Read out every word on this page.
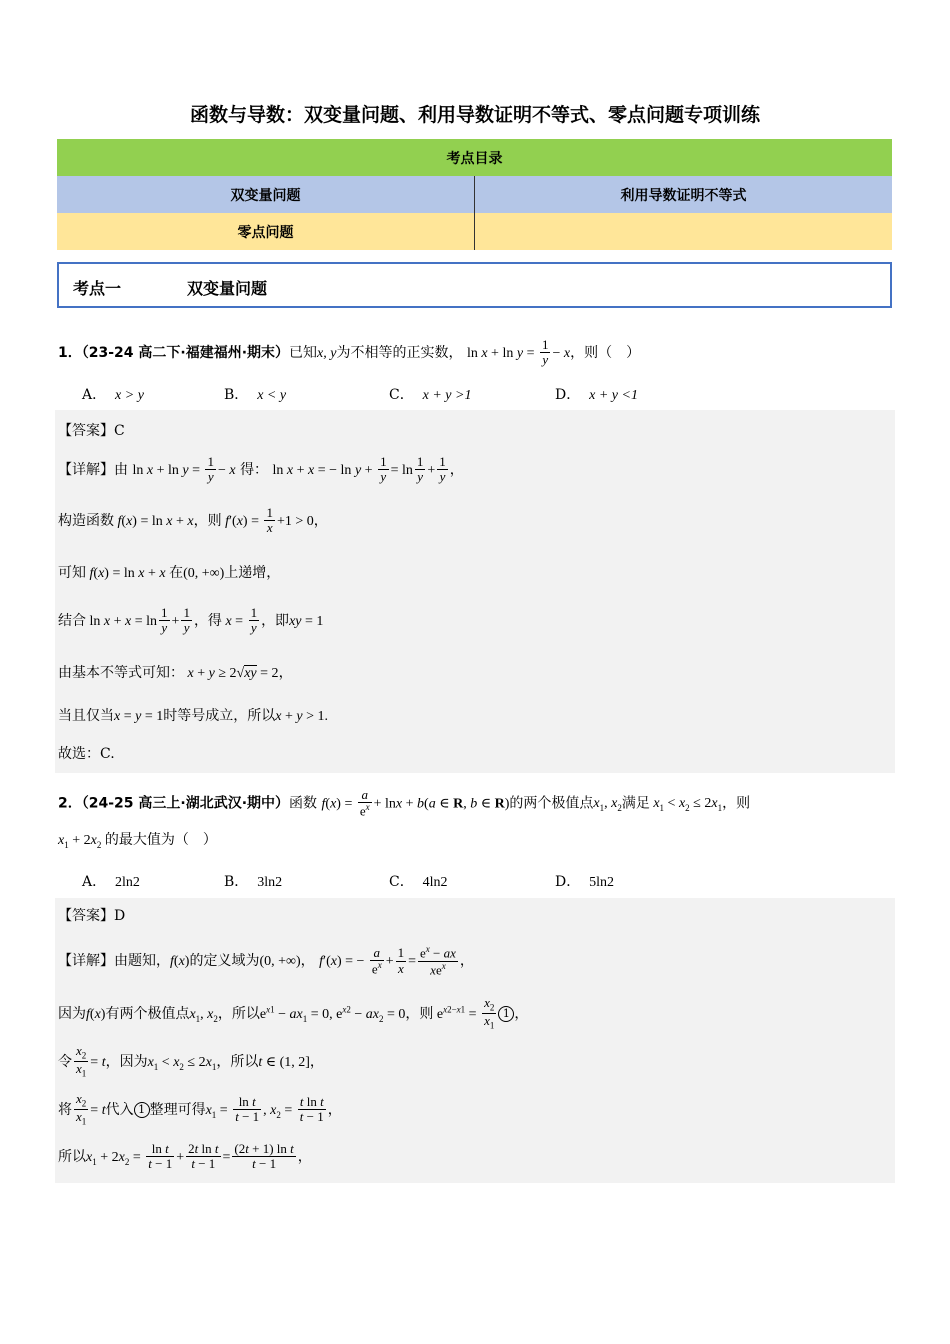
函数与导数：双变量问题、利用导数证明不等式、零点问题专项训练
考点目录	
双变量问题	利用导数证明不等式
零点问题	
考点一	双变量问题
1．（23-24 高二下·福建福州·期末）已知x, y为不相等的正实数， $\ln x + \ln y = \frac{1}{y} - x$，则（　）
A． x > y	B． x < y	C． x + y >1	D． x + y <1
【答案】C
【详解】由 $\ln x + \ln y = \frac{1}{y} - x$ 得： ln x + x = − $\ln y + \frac{1}{y} = \ln \frac{1}{y} + \frac{1}{y}$ ，
构造函数 f(x) = ln x + x，则 $f'(x) = \frac{1}{x} +1 > 0$，
可知 f(x) = ln x + x 在(0, +∞)上递增，
结合 $\ln x + x = \ln \frac{1}{y} + \frac{1}{y}$ ，得 $x = \frac{1}{y}$ ，即xy = 1
由基本不等式可知： x + y ≥ 2√xy = 2，
当且仅当x = y = 1时等号成立，所以x + y > 1.
故选：C.
2．（24-25 高三上·湖北武汉·期中）函数 $f(x) = \frac{a}{e^x} + \ln x + b(a$ ∈ R, b ∈ R)的两个极值点$x_1$, $x_2$满足 $x_1 < x_2 \le 2x_1$，则
$x_1 + 2x_2$ 的最大值为（　）
A． 2ln2	B． 3ln2	C． 4ln2	D． 5ln2
【答案】D
【详解】由题知，f(x)的定义域为(0, +∞)， f′(x) = − $\frac{a}{e^x} + \frac{1}{x} = \frac{e^x - ax}{xe^x}$ ，
因为f(x)有两个极值点$x_1$, $x_2$，所以$e^{x1} - ax_1 = 0$, $e^{x2} - ax_2 = 0$，则 $e^{x2-x1} = \frac{x_2}{x_1} 1$ ，
令 $\frac{x_2}{x_1} = t$，因为$x_1 < x_2 \le 2x_1$，所以t ∈ (1, 2]，
将 $\frac{x_2}{x_1} = t$代入 1 整理可得$x_1 = \frac{\text{ln t}}{t - 1}$ , $x_2 = \frac{\text{t ln t}}{t - 1}$ ，
所以$x_1 + 2x_2 = \frac{\text{ln t}}{t - 1} + \frac{\text{2t ln t}}{t - 1} = \frac{\text{(2t + 1) ln t}}{t - 1}$ ，
